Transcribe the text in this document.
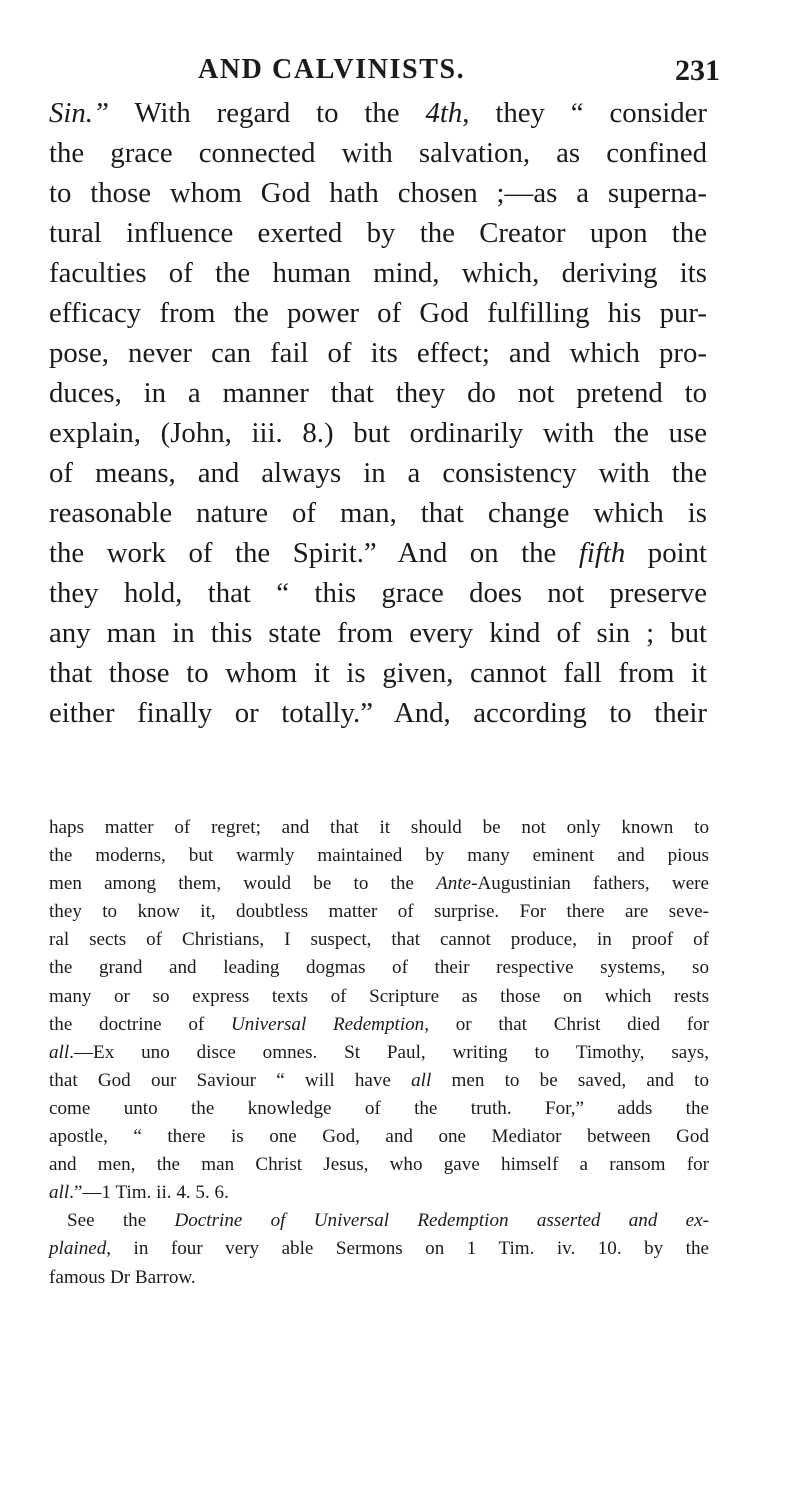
AND CALVINISTS.	231

Sin.” With regard to the 4th, they “ consider

the grace connected with salvation, as confined

to those whom God hath chosen ;—as a superna-

tural influence exerted by the Creator upon the

faculties of the human mind, which, deriving its

efficacy from the power of God fulfilling his pur-

pose, never can fail of its effect; and which pro-

duces, in a manner that they do not pretend to

explain, (John, iii. 8.) but ordinarily with the use

of means, and always in a consistency with the

reasonable nature of man, that change which is

the work of the Spirit.” And on the fifth point

they hold, that “ this grace does not preserve

any man in this state from every kind of sin ; but

that those to whom it is given, cannot fall from it

either finally or totally.” And, according to their

haps matter of regret; and that it should be not only known to

the moderns, but warmly maintained by many eminent and pious

men among them, would be to the Ante-Augustinian fathers, were

they to know it, doubtless matter of surprise. For there are seve-

ral sects of Christians, I suspect, that cannot produce, in proof of

the grand and leading dogmas of their respective systems, so

many or so express texts of Scripture as those on which rests

the doctrine of Universal Redemption, or that Christ died for

all.—Ex uno disce omnes. St Paul, writing to Timothy, says,

that God our Saviour “ will have all men to be saved, and to

come unto the knowledge of the truth. For,” adds the

apostle, “ there is one God, and one Mediator between God

and men, the man Christ Jesus, who gave himself a ransom for

all.”—1 Tim. ii. 4. 5. 6.

See the Doctrine of Universal Redemption asserted and ex-

plained, in four very able Sermons on 1 Tim. iv. 10. by the

famous Dr Barrow.
